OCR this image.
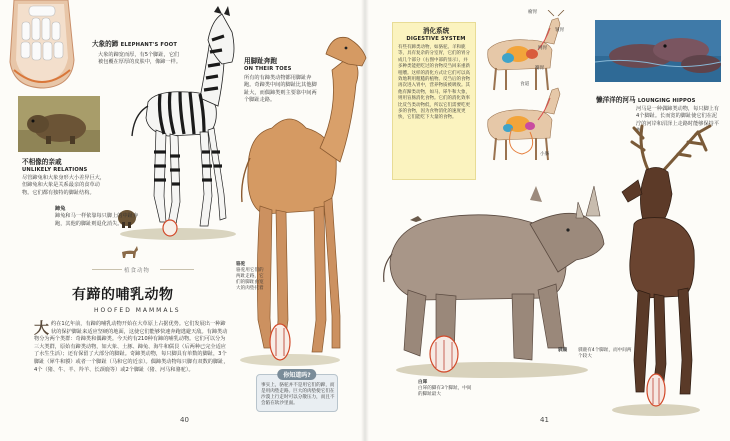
大象的蹄 ELEPHANT'S FOOT
大象的蹄宽而厚，有5个脚趾，它们被包覆在厚厚的皮肤中，像蹄一样。
不相像的亲戚
UNLIKELY RELATIONS
尽管蹄兔和大象身形大小差异巨大，但蹄兔和大象是关系最亲的食草动物。它们都有独特的脚趾结构。
蹄兔
蹄兔和马一样依靠每只脚上的中趾奔跑，其他的脚趾则退化消失。
用脚趾奔跑
ON THEIR TOES
所有的有蹄类动物都用脚趾奔跑。奇蹄类中间的脚趾比其他脚趾大，而偶蹄类则主要靠中间两个脚趾走路。
植食动物
有蹄的哺乳动物
HOOFED MAMMALS
大 约在1亿年前，有蹄的哺乳动物开始在大草原上占据优势。它们发展出一种蹄状的保护脚趾来适应坚硬的地面，这使它们能够快速奔跑逃避天敌。有蹄类动物分为两个类群：奇蹄类和偶蹄类。今天约有210种有蹄的哺乳动物。它们可以分为三大类群，原始有蹄类动物，如大象、土豚、蹄兔、海牛和儒艮（后两种已完全适应了水生生活）；还有保留了大部分的脚趾。奇蹄类动物，每只脚具有单数的脚趾，3个脚趾（犀牛和貘）或者一个脚趾（马和它的近亲）。偶蹄类动物每只脚有双数的脚趾，4个（猪、牛、羊、羚羊、长颈鹿等）或2个脚趾（猪、河马和骆驼）。
骆驼
骆驼用它们的两趾走路，它们的脚趾由宽大的肉垫托着
你知道吗?
事实上，骆驼并不是用它们的蹄，而是用肉垫走路。巨大的肉垫使它们在沙漠上行走时可以分散压力，而且不会陷在软沙里面。
40
消化系统
DIGESTIVE SYSTEM
有些有蹄类动物，如骆驼、羊和鹿等，具有复杂的分室胃，它们的胃分成几个部分（右图中部的显示），并多种类能把吃过的食物反刍回来重新咀嚼。这样的消化方式让它们可以高效地利用粗糙的植物。反刍后的食物再次进入胃中，营养物质被吸收。其他有蹄类动物，如马、犀牛和大象，则用盲肠消化食物。它们的消化效率比反刍类动物低，所以它们需要吃更多的食物，因为食物消化的速度更快，它们能吃下大量的食物。
瘤胃
皱胃
网胃
瓣胃
食道
小肠
懒洋洋的河马 LOUNGING HIPPOS
河马是一种偶蹄类动物，每只脚上有4个脚趾。长而宽的脚趾使它们在泥泞的河岸和沼泽上走路时能够保持平衡。
白犀
白犀的脚有3个脚趾，中间的脚趾最大
驯鹿	驯鹿有4个脚趾，而中间两个较大
41
